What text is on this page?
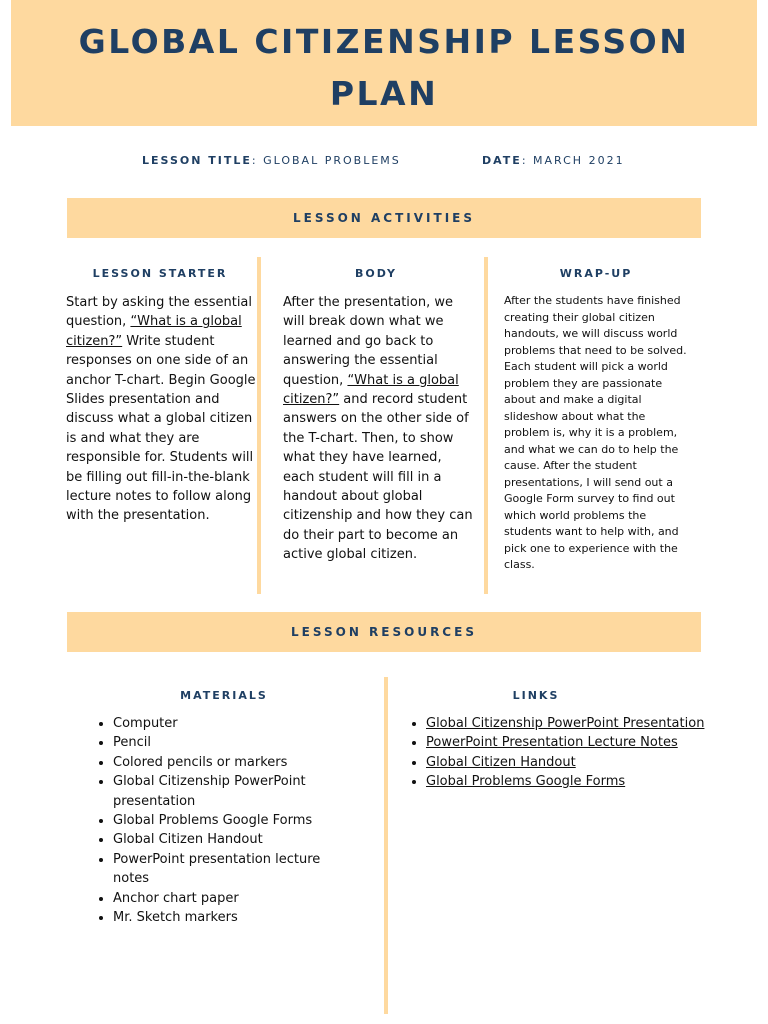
GLOBAL CITIZENSHIP LESSON
PLAN
LESSON TITLE: GLOBAL PROBLEMS	DATE: MARCH 2021
LESSON ACTIVITIES
LESSON STARTER	BODY	WRAP-UP

Start by asking the essential question, “What is a global citizen?” Write student responses on one side of an anchor T-chart. Begin Google Slides presentation and discuss what a global citizen is and what they are responsible for. Students will be filling out fill-in-the-blank lecture notes to follow along with the presentation.

After the presentation, we will break down what we learned and go back to answering the essential question, “What is a global citizen?” and record student answers on the other side of the T-chart. Then, to show what they have learned, each student will fill in a handout about global citizenship and how they can do their part to become an active global citizen.

After the students have finished creating their global citizen handouts, we will discuss world problems that need to be solved. Each student will pick a world problem they are passionate about and make a digital slideshow about what the problem is, why it is a problem, and what we can do to help the cause. After the student presentations, I will send out a Google Form survey to find out which world problems the students want to help with, and pick one to experience with the class.

LESSON RESOURCES
MATERIALS	LINKS
• Computer
• Pencil
• Colored pencils or markers
• Global Citizenship PowerPoint presentation
• Global Problems Google Forms
• Global Citizen Handout
• PowerPoint presentation lecture notes
• Anchor chart paper
• Mr. Sketch markers
• Global Citizenship PowerPoint Presentation
• PowerPoint Presentation Lecture Notes
• Global Citizen Handout
• Global Problems Google Forms
